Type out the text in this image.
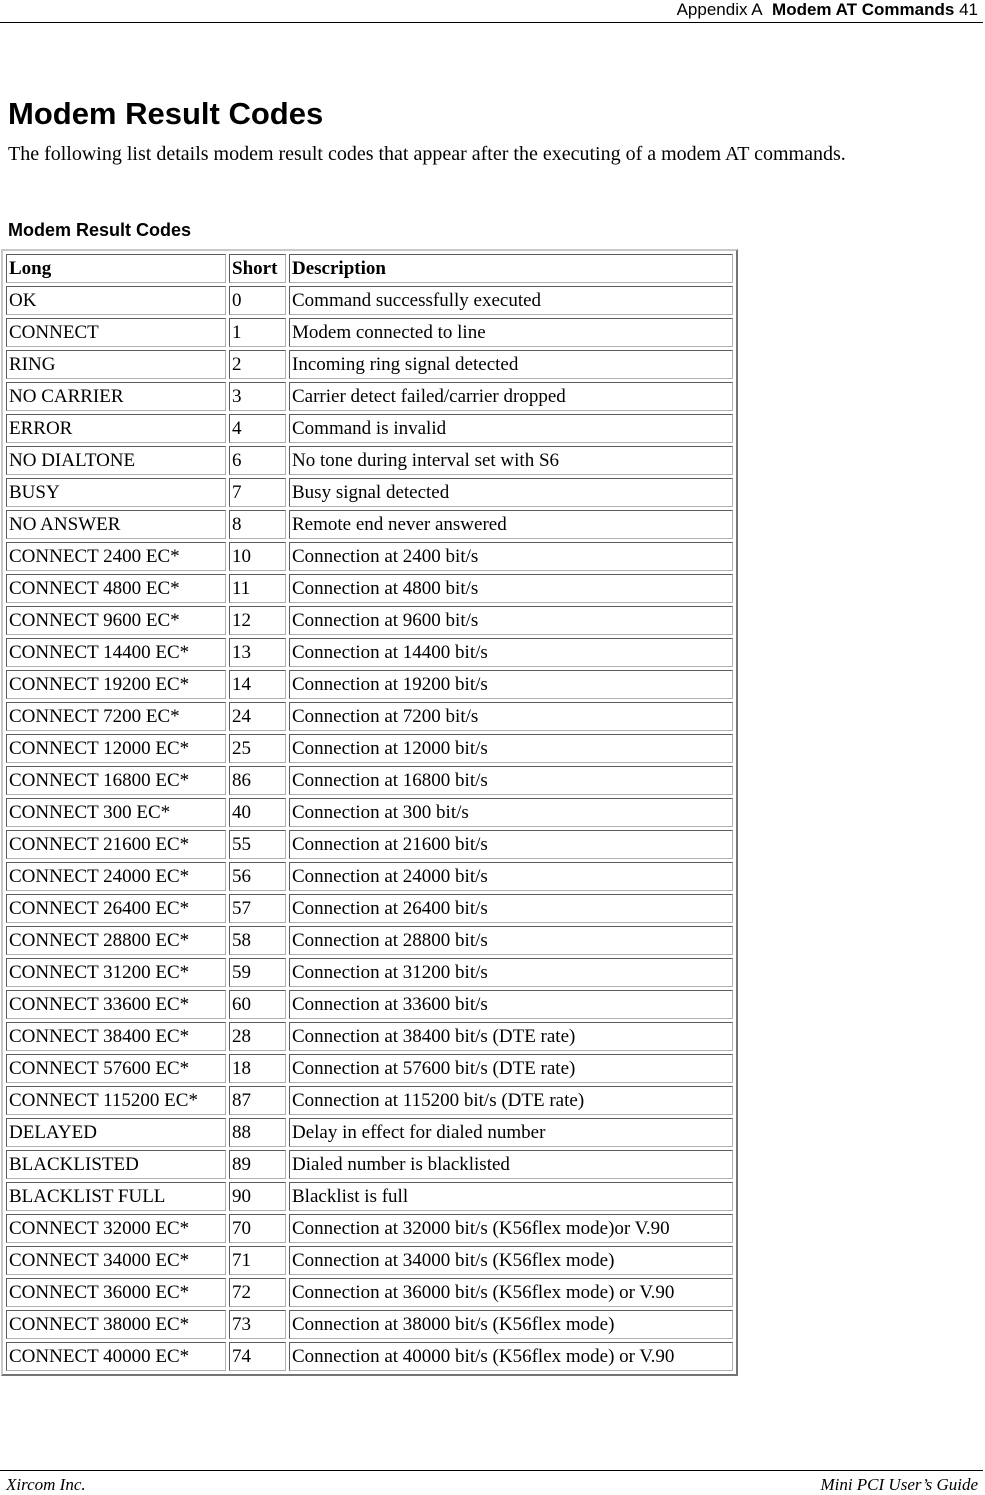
Appendix A Modem AT Commands 41
Modem Result Codes

The following list details modem result codes that appear after the executing of a modem AT commands.

Modem Result Codes
Long	Short	Description
OK	0	Command successfully executed
CONNECT	1	Modem connected to line
RING	2	Incoming ring signal detected
NO CARRIER	3	Carrier detect failed/carrier dropped
ERROR	4	Command is invalid
NO DIALTONE	6	No tone during interval set with S6
BUSY	7	Busy signal detected
NO ANSWER	8	Remote end never answered
CONNECT 2400 EC*	10	Connection at 2400 bit/s
CONNECT 4800 EC*	11	Connection at 4800 bit/s
CONNECT 9600 EC*	12	Connection at 9600 bit/s
CONNECT 14400 EC*	13	Connection at 14400 bit/s
CONNECT 19200 EC*	14	Connection at 19200 bit/s
CONNECT 7200 EC*	24	Connection at 7200 bit/s
CONNECT 12000 EC*	25	Connection at 12000 bit/s
CONNECT 16800 EC*	86	Connection at 16800 bit/s
CONNECT 300 EC*	40	Connection at 300 bit/s
CONNECT 21600 EC*	55	Connection at 21600 bit/s
CONNECT 24000 EC*	56	Connection at 24000 bit/s
CONNECT 26400 EC*	57	Connection at 26400 bit/s
CONNECT 28800 EC*	58	Connection at 28800 bit/s
CONNECT 31200 EC*	59	Connection at 31200 bit/s
CONNECT 33600 EC*	60	Connection at 33600 bit/s
CONNECT 38400 EC*	28	Connection at 38400 bit/s (DTE rate)
CONNECT 57600 EC*	18	Connection at 57600 bit/s (DTE rate)
CONNECT 115200 EC*	87	Connection at 115200 bit/s (DTE rate)
DELAYED	88	Delay in effect for dialed number
BLACKLISTED	89	Dialed number is blacklisted
BLACKLIST FULL	90	Blacklist is full
CONNECT 32000 EC*	70	Connection at 32000 bit/s (K56flex mode)or V.90
CONNECT 34000 EC*	71	Connection at 34000 bit/s (K56flex mode)
CONNECT 36000 EC*	72	Connection at 36000 bit/s (K56flex mode) or V.90
CONNECT 38000 EC*	73	Connection at 38000 bit/s (K56flex mode)
CONNECT 40000 EC*	74	Connection at 40000 bit/s (K56flex mode) or V.90
Xircom Inc.	Mini PCI User’s Guide
